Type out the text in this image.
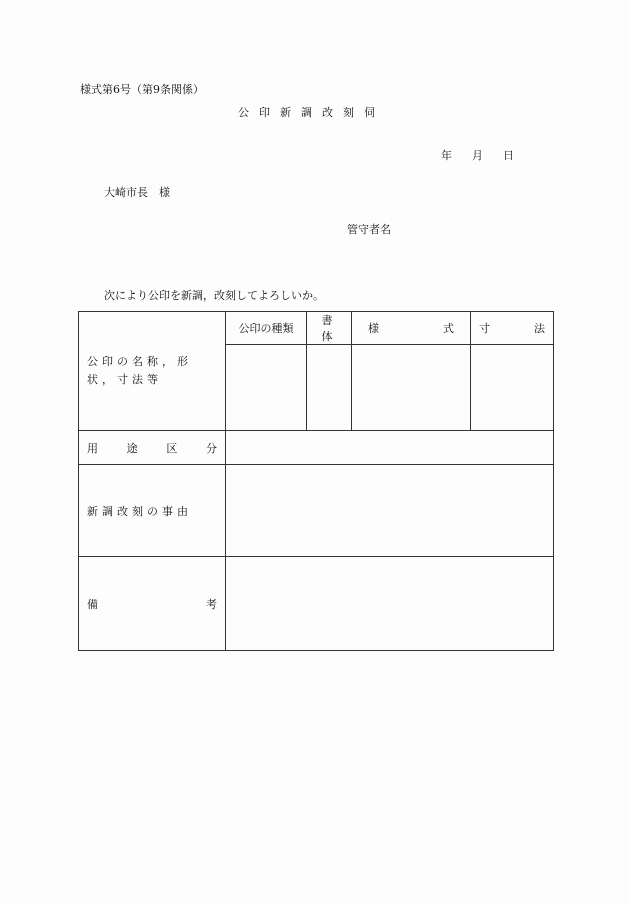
様式第6号（第9条関係）
公印新調改刻伺
年 月 日
大崎市長　様
管守者名
次により公印を新調，改刻してよろしいか。
公印の名称，形状，寸法等	公印の種類	書体	様 式	寸 法

用 途 区 分				

新調改刻の事由				

備 考				
